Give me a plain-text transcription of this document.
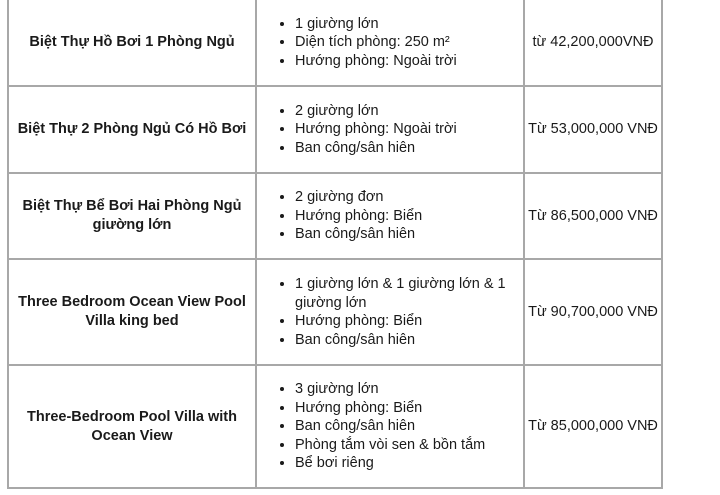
Biệt Thự Hồ Bơi 1 Phòng Ngủ	
• 1 giường lớn
• Diện tích phòng: 250 m²
• Hướng phòng: Ngoài trời
	từ 42,200,000VNĐ
Biệt Thự 2 Phòng Ngủ Có Hồ Bơi	
• 2 giường lớn
• Hướng phòng: Ngoài trời
• Ban công/sân hiên
	Từ 53,000,000 VNĐ
Biệt Thự Bể Bơi Hai Phòng Ngủ giường lớn	
• 2 giường đơn
• Hướng phòng: Biển
• Ban công/sân hiên
	Từ 86,500,000 VNĐ
Three Bedroom Ocean View Pool Villa king bed	
• 1 giường lớn & 1 giường lớn & 1 giường lớn
• Hướng phòng: Biển
• Ban công/sân hiên
	Từ 90,700,000 VNĐ
Three-Bedroom Pool Villa with Ocean View	
• 3 giường lớn
• Hướng phòng: Biển
• Ban công/sân hiên
• Phòng tắm vòi sen & bồn tắm
• Bể bơi riêng
	Từ 85,000,000 VNĐ
